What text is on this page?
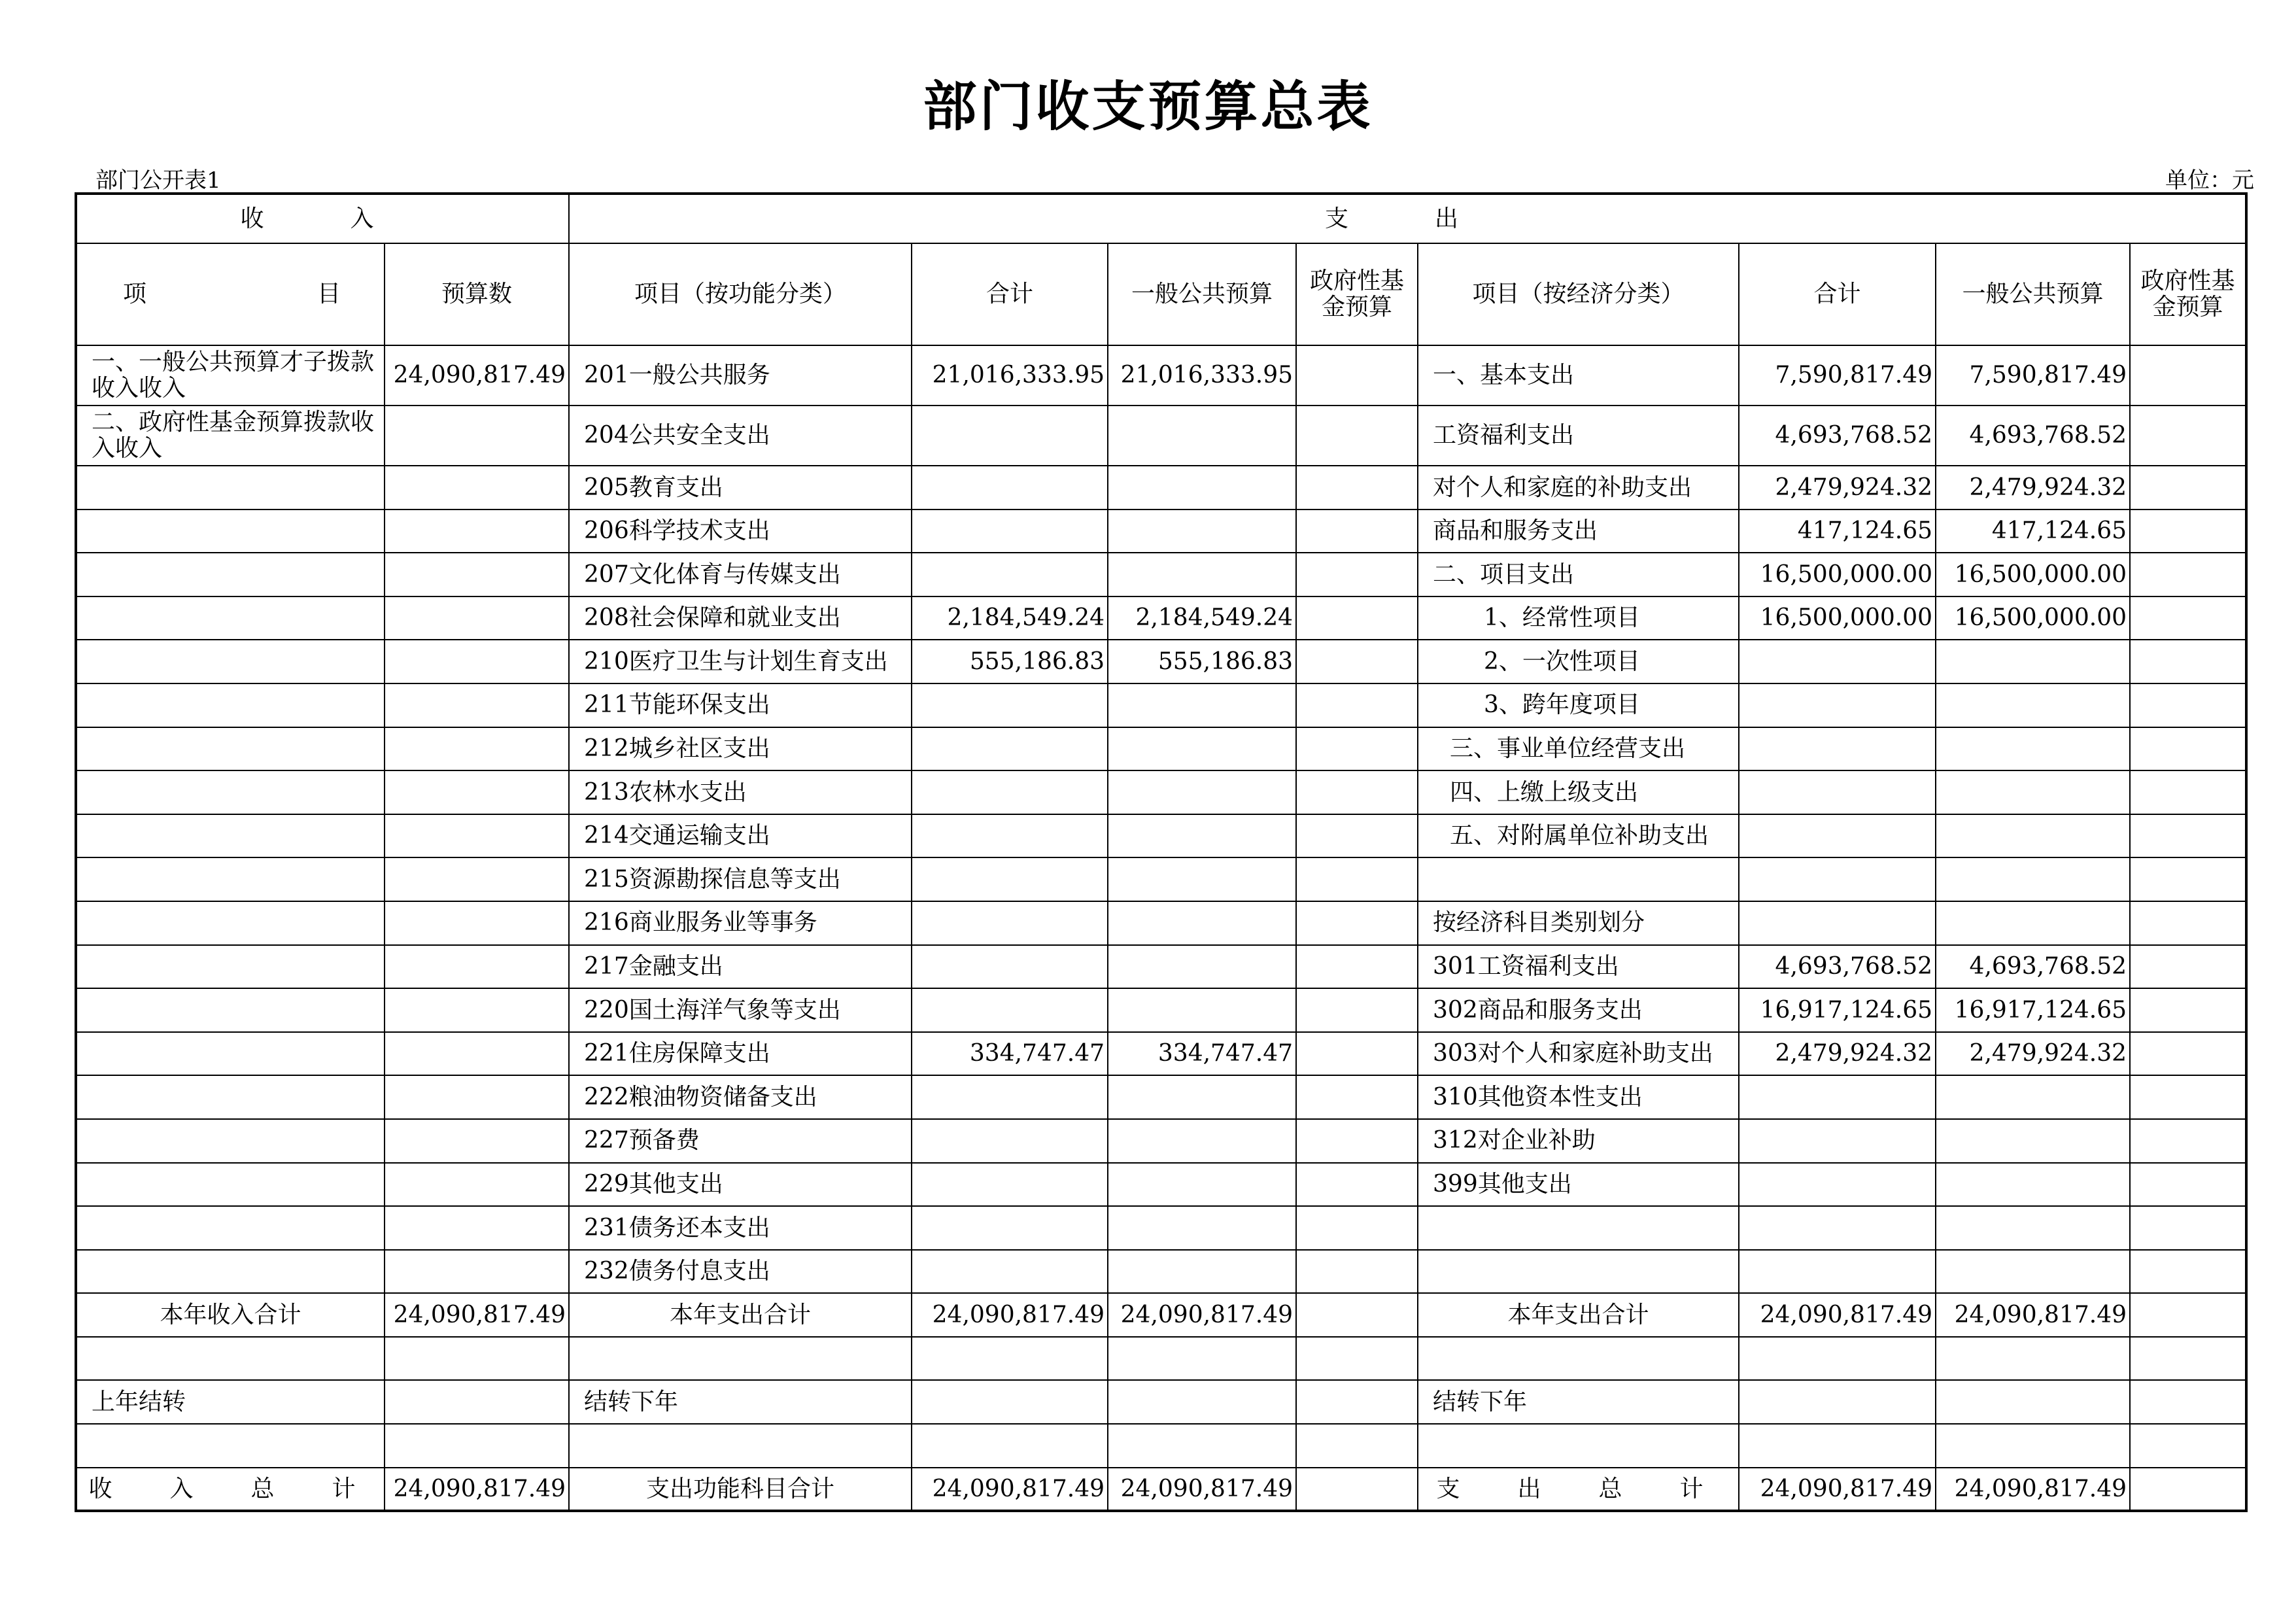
部门收支预算总表
部门公开表1	单位：元
收　入		支　出							

项 目	预算数	项目（按功能分类）	合计	一般公共预算	政府性基金预算	项目（按经济分类）	合计	一般公共预算	政府性基金预算
一、一般公共预算才子拨款收入收入	24,090,817.49	201一般公共服务	21,016,333.95	21,016,333.95		一、基本支出	7,590,817.49	7,590,817.49	
二、政府性基金预算拨款收入收入		204公共安全支出				工资福利支出	4,693,768.52	4,693,768.52	
		205教育支出				对个人和家庭的补助支出	2,479,924.32	2,479,924.32	
		206科学技术支出				商品和服务支出	417,124.65	417,124.65	
		207文化体育与传媒支出				二、项目支出	16,500,000.00	16,500,000.00	
		208社会保障和就业支出	2,184,549.24	2,184,549.24		1、经常性项目	16,500,000.00	16,500,000.00	
		210医疗卫生与计划生育支出	555,186.83	555,186.83		2、一次性项目			
		211节能环保支出				3、跨年度项目			
		212城乡社区支出				三、事业单位经营支出			
		213农林水支出				四、上缴上级支出			
		214交通运输支出				五、对附属单位补助支出			
		215资源勘探信息等支出							
		216商业服务业等事务				按经济科目类别划分			
		217金融支出				301工资福利支出	4,693,768.52	4,693,768.52	
		220国土海洋气象等支出				302商品和服务支出	16,917,124.65	16,917,124.65	
		221住房保障支出	334,747.47	334,747.47		303对个人和家庭补助支出	2,479,924.32	2,479,924.32	
		222粮油物资储备支出				310其他资本性支出			
		227预备费				312对企业补助			
		229其他支出				399其他支出			
		231债务还本支出							
		232债务付息支出							
本年收入合计	24,090,817.49	本年支出合计	24,090,817.49	24,090,817.49		本年支出合计	24,090,817.49	24,090,817.49	

上年结转		结转下年				结转下年			

收　入　总　计	24,090,817.49	支出功能科目合计	24,090,817.49	24,090,817.49		支　出　总　计	24,090,817.49	24,090,817.49	
